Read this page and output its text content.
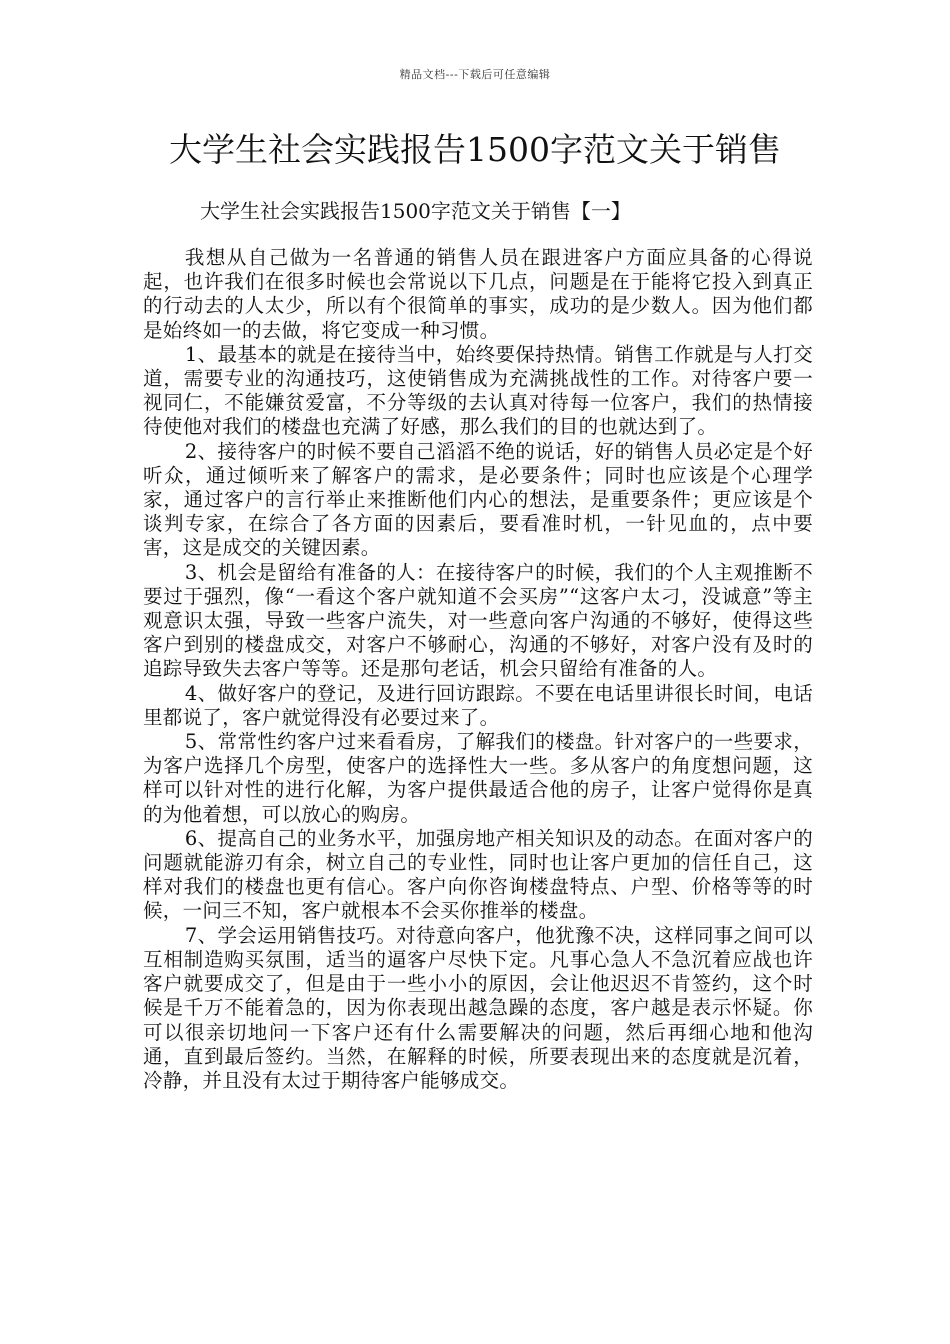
精品文档---下载后可任意编辑
大学生社会实践报告1500字范文关于销售
大学生社会实践报告1500字范文关于销售【一】

我想从自己做为一名普通的销售人员在跟进客户方面应具备的心得说起，也许我们在很多时候也会常说以下几点，问题是在于能将它投入到真正的行动去的人太少，所以有个很简单的事实，成功的是少数人。因为他们都是始终如一的去做，将它变成一种习惯。

1、最基本的就是在接待当中，始终要保持热情。销售工作就是与人打交道，需要专业的沟通技巧，这使销售成为充满挑战性的工作。对待客户要一视同仁，不能嫌贫爱富，不分等级的去认真对待每一位客户，我们的热情接待使他对我们的楼盘也充满了好感，那么我们的目的也就达到了。

2、接待客户的时候不要自己滔滔不绝的说话，好的销售人员必定是个好听众，通过倾听来了解客户的需求，是必要条件；同时也应该是个心理学家，通过客户的言行举止来推断他们内心的想法，是重要条件；更应该是个谈判专家，在综合了各方面的因素后，要看准时机，一针见血的，点中要害，这是成交的关键因素。

3、机会是留给有准备的人：在接待客户的时候，我们的个人主观推断不要过于强烈，像“一看这个客户就知道不会买房”“这客户太刁，没诚意”等主观意识太强，导致一些客户流失，对一些意向客户沟通的不够好，使得这些客户到别的楼盘成交，对客户不够耐心，沟通的不够好，对客户没有及时的追踪导致失去客户等等。还是那句老话，机会只留给有准备的人。

4、做好客户的登记，及进行回访跟踪。不要在电话里讲很长时间，电话里都说了，客户就觉得没有必要过来了。

5、常常性约客户过来看看房，了解我们的楼盘。针对客户的一些要求，为客户选择几个房型，使客户的选择性大一些。多从客户的角度想问题，这样可以针对性的进行化解，为客户提供最适合他的房子，让客户觉得你是真的为他着想，可以放心的购房。

6、提高自己的业务水平，加强房地产相关知识及的动态。在面对客户的问题就能游刃有余，树立自己的专业性，同时也让客户更加的信任自己，这样对我们的楼盘也更有信心。客户向你咨询楼盘特点、户型、价格等等的时候，一问三不知，客户就根本不会买你推举的楼盘。

7、学会运用销售技巧。对待意向客户，他犹豫不决，这样同事之间可以互相制造购买氛围，适当的逼客户尽快下定。凡事心急人不急沉着应战也许客户就要成交了，但是由于一些小小的原因，会让他迟迟不肯签约，这个时候是千万不能着急的，因为你表现出越急躁的态度，客户越是表示怀疑。你可以很亲切地问一下客户还有什么需要解决的问题，然后再细心地和他沟通，直到最后签约。当然，在解释的时候，所要表现出来的态度就是沉着，冷静，并且没有太过于期待客户能够成交。
